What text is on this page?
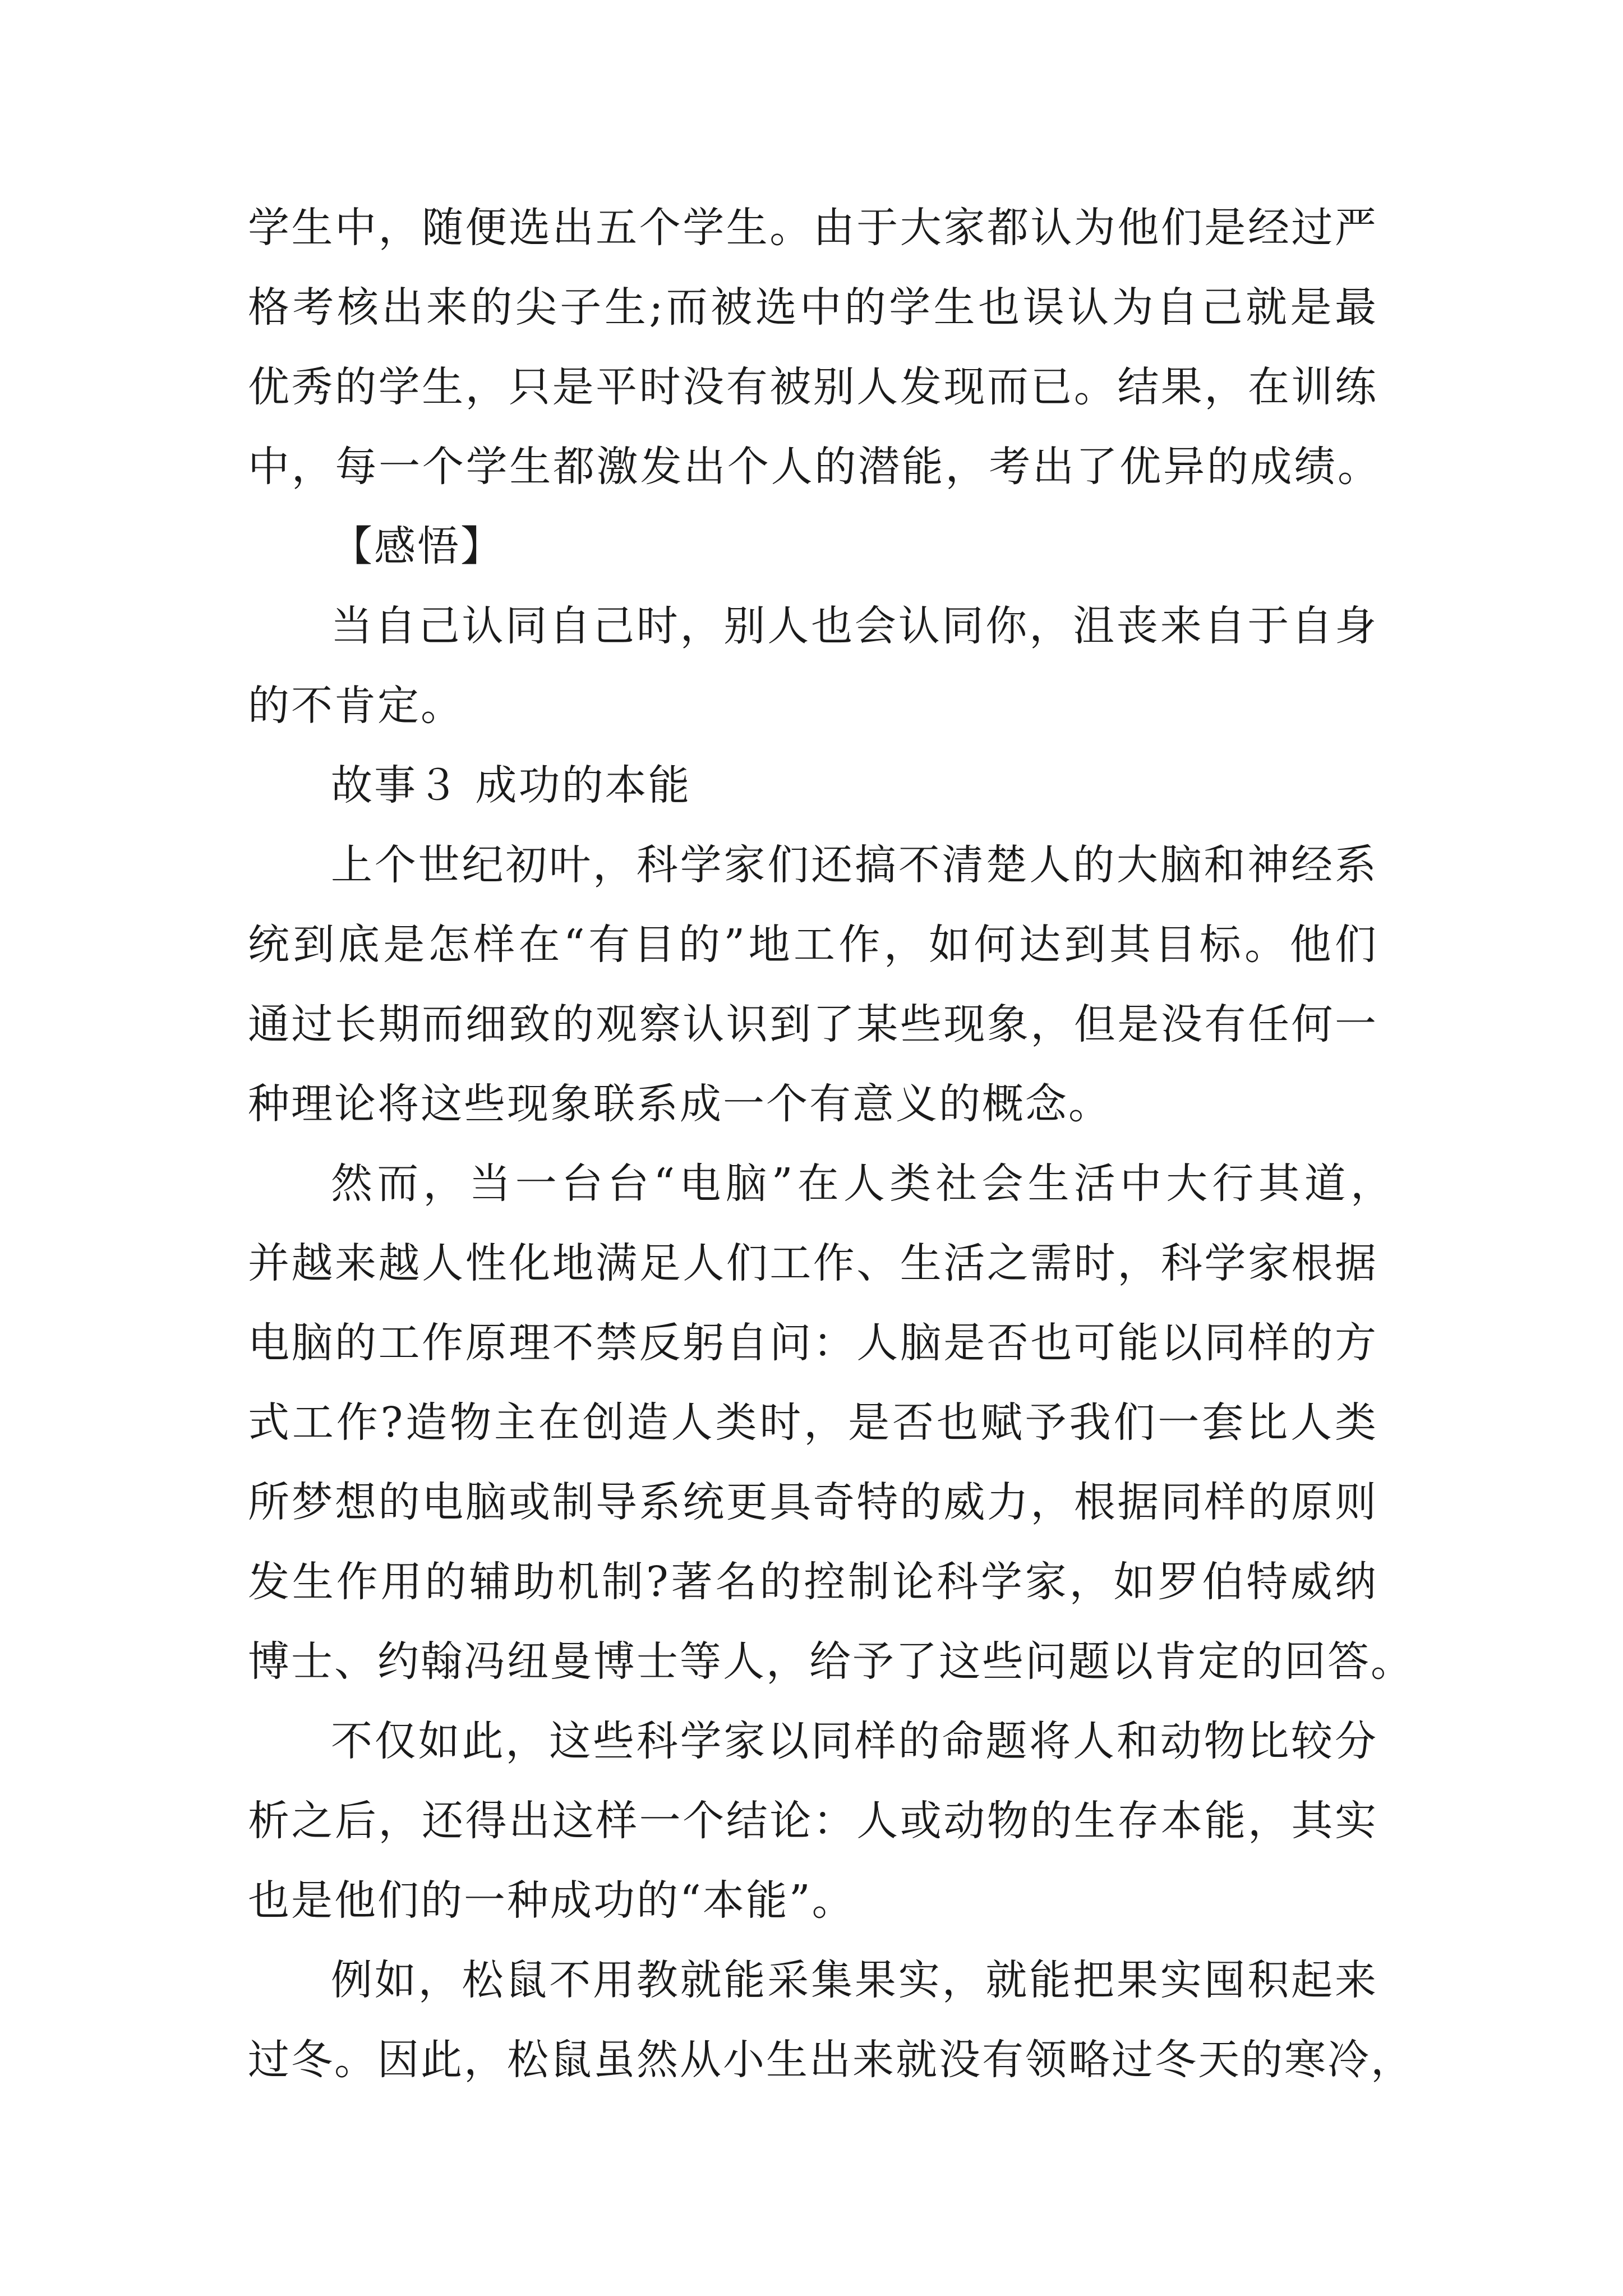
学生中，随便选出五个学生。由于大家都认为他们是经过严
格考核出来的尖子生;而被选中的学生也误认为自己就是最
优秀的学生，只是平时没有被别人发现而已。结果，在训练
中，每一个学生都激发出个人的潜能，考出了优异的成绩。
【感悟】
当自己认同自己时，别人也会认同你，沮丧来自于自身
的不肯定。
故事３ 成功的本能
上个世纪初叶，科学家们还搞不清楚人的大脑和神经系
统到底是怎样在“有目的”地工作，如何达到其目标。他们
通过长期而细致的观察认识到了某些现象，但是没有任何一
种理论将这些现象联系成一个有意义的概念。
然而，当一台台“电脑”在人类社会生活中大行其道，
并越来越人性化地满足人们工作、生活之需时，科学家根据
电脑的工作原理不禁反躬自问：人脑是否也可能以同样的方
式工作?造物主在创造人类时，是否也赋予我们一套比人类
所梦想的电脑或制导系统更具奇特的威力，根据同样的原则
发生作用的辅助机制?著名的控制论科学家，如罗伯特威纳
博士、约翰冯纽曼博士等人，给予了这些问题以肯定的回答。
不仅如此，这些科学家以同样的命题将人和动物比较分
析之后，还得出这样一个结论：人或动物的生存本能，其实
也是他们的一种成功的“本能”。
例如，松鼠不用教就能采集果实，就能把果实囤积起来
过冬。因此，松鼠虽然从小生出来就没有领略过冬天的寒冷，
